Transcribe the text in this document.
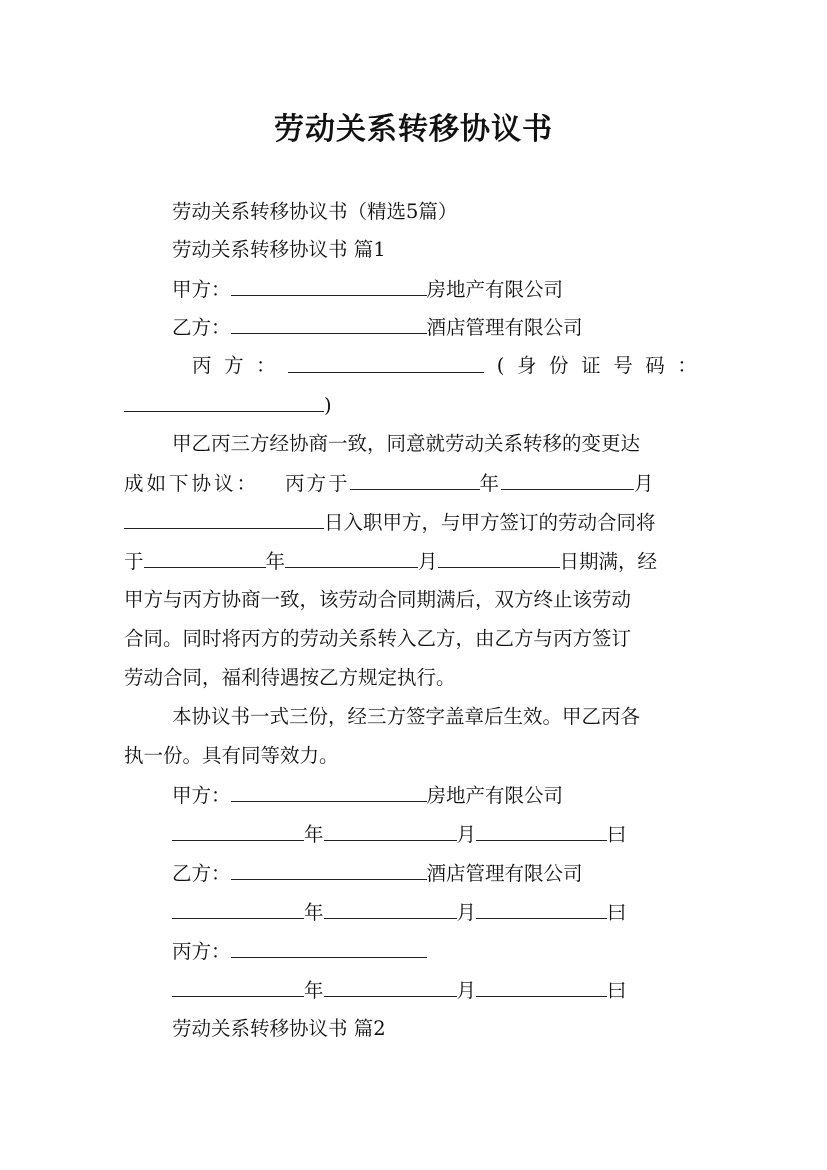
劳动关系转移协议书
劳动关系转移协议书（精选5篇）
劳动关系转移协议书 篇1
甲方：	房地产有限公司
乙方：	酒店管理有限公司
丙 方 ：	( 身 份 证 号 码 ：
)
甲乙丙三方经协商一致，同意就劳动关系转移的变更达
成如下协议： 丙方于	年	月
日入职甲方，与甲方签订的劳动合同将
于	年	月	日期满，经
甲方与丙方协商一致，该劳动合同期满后，双方终止该劳动
合同。同时将丙方的劳动关系转入乙方，由乙方与丙方签订
劳动合同，福利待遇按乙方规定执行。
本协议书一式三份，经三方签字盖章后生效。甲乙丙各
执一份。具有同等效力。
甲方：	房地产有限公司
年	月	曰
乙方：	酒店管理有限公司
年	月	曰
丙方：
年	月	曰
劳动关系转移协议书 篇2
